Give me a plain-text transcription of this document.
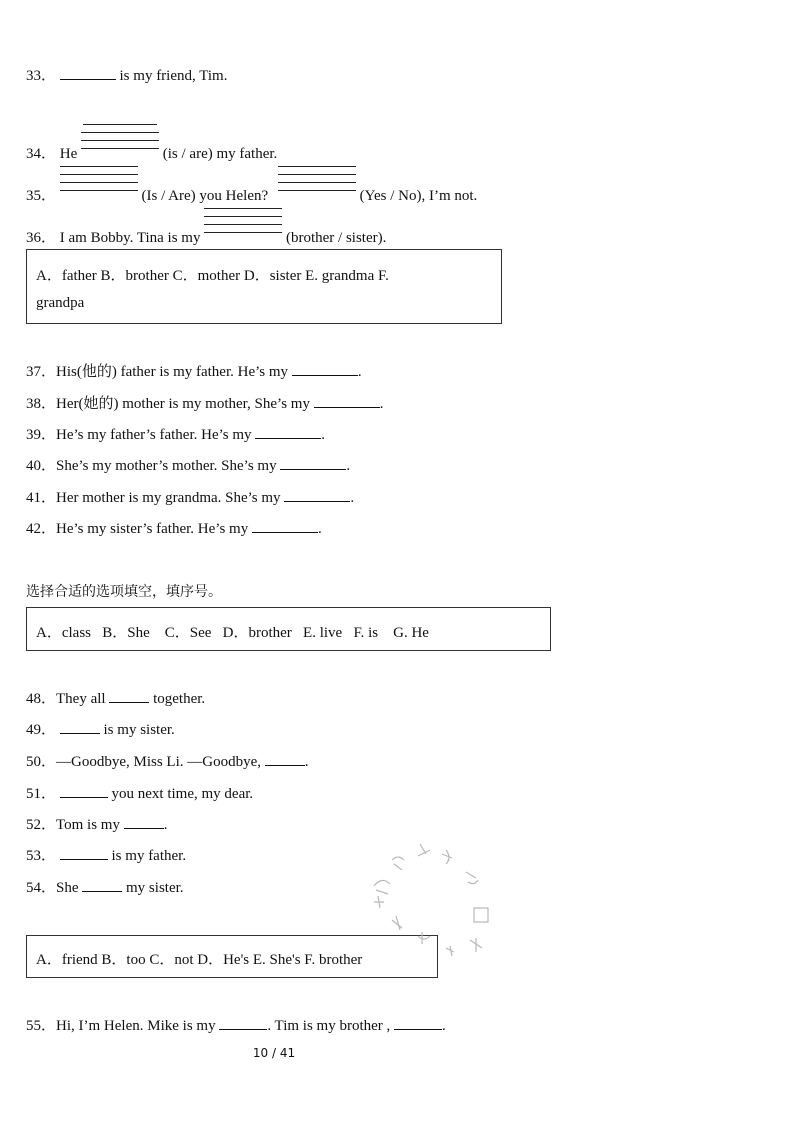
33．	is my friend, Tim.
34． He	(is / are) my father.
35．	(Is / Are) you Helen?	(Yes / No), I’m not.
36． I am Bobby. Tina is my	(brother / sister).
A．father B．brother C．mother D．sister E. grandma F.
grandpa
37．His(他的) father is my father. He’s my	.
38．Her(她的) mother is my mother, She’s my	.
39．He’s my father’s father. He’s my	.
40．She’s my mother’s mother. She’s my	.
41．Her mother is my grandma. She’s my	.
42．He’s my sister’s father. He’s my	.
选择合适的选项填空，填序号。
A．class   B．She    C．See   D．brother   E. live   F. is    G. He
48．They all	together.
49．	is my sister.
50．—Goodbye, Miss Li. —Goodbye,	.
51．	you next time, my dear.
52．Tom is my	.
53．	is my father.
54．She	my sister.
A．friend B．too C．not D．He's E. She's F. brother
55．Hi, I’m Helen. Mike is my	. Tim is my brother ,	.
10 / 41
